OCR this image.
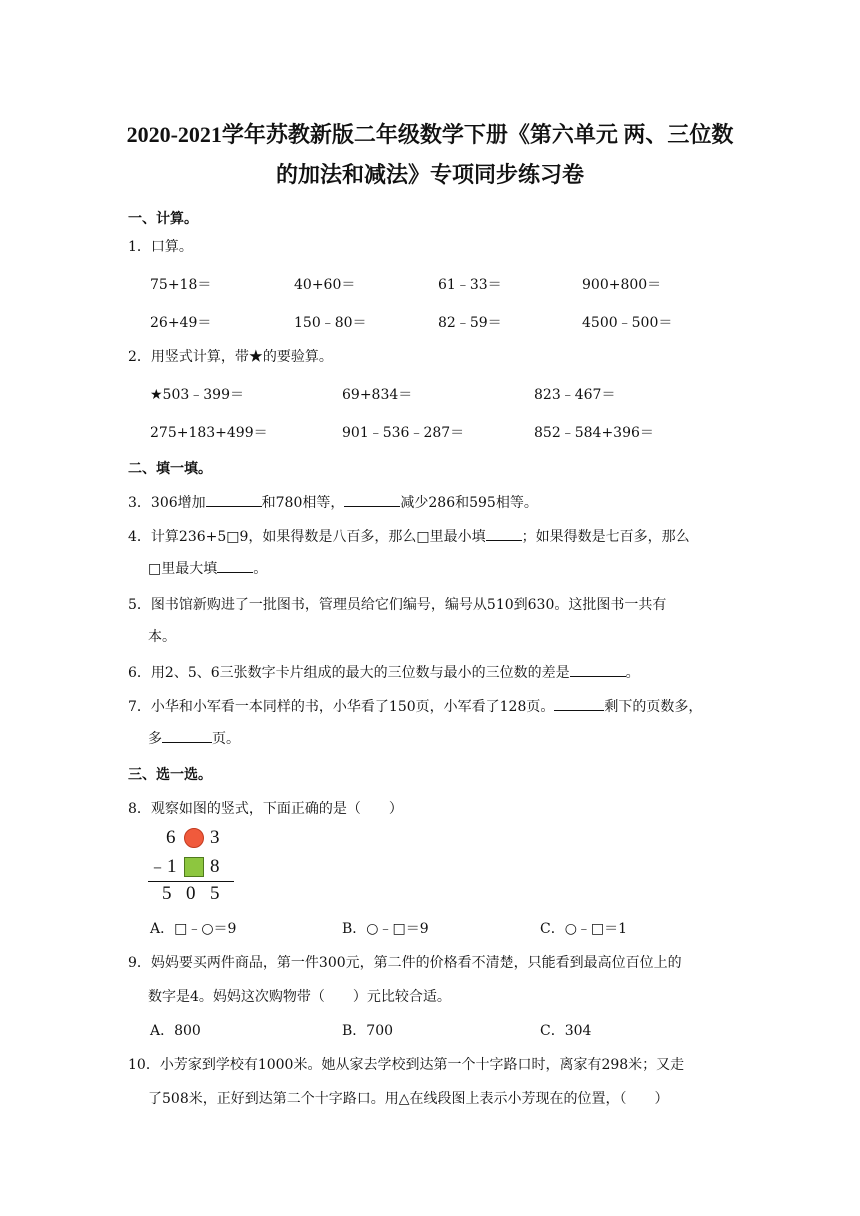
2020-2021学年苏教新版二年级数学下册《第六单元 两、三位数
的加法和减法》专项同步练习卷
一、计算。
1．口算。
75+18＝	40+60＝	61﹣33＝	900+800＝
26+49＝	150﹣80＝	82﹣59＝	4500﹣500＝
2．用竖式计算，带★的要验算。
★503﹣399＝	69+834＝	823﹣467＝
275+183+499＝	901﹣536﹣287＝	852﹣584+396＝
二、填一填。
3．306增加	和780相等，	减少286和595相等。
4．计算236+5□9，如果得数是八百多，那么□里最小填	；如果得数是七百多，那么
□里最大填	。
5．图书馆新购进了一批图书，管理员给它们编号，编号从510到630。这批图书一共有
本。
6．用2、5、6三张数字卡片组成的最大的三位数与最小的三位数的差是	。
7．小华和小军看一本同样的书，小华看了150页，小军看了128页。	剩下的页数多，
多	页。
三、选一选。
8．观察如图的竖式，下面正确的是（　　）
6 3
﹣1 8
5 0 5
A．□﹣○＝9	B．○﹣□＝9	C．○﹣□＝1
9．妈妈要买两件商品，第一件300元，第二件的价格看不清楚，只能看到最高位百位上的
数字是4。妈妈这次购物带（　　）元比较合适。
A．800	B．700	C．304
10．小芳家到学校有1000米。她从家去学校到达第一个十字路口时，离家有298米；又走
了508米，正好到达第二个十字路口。用△在线段图上表示小芳现在的位置，（　　）
